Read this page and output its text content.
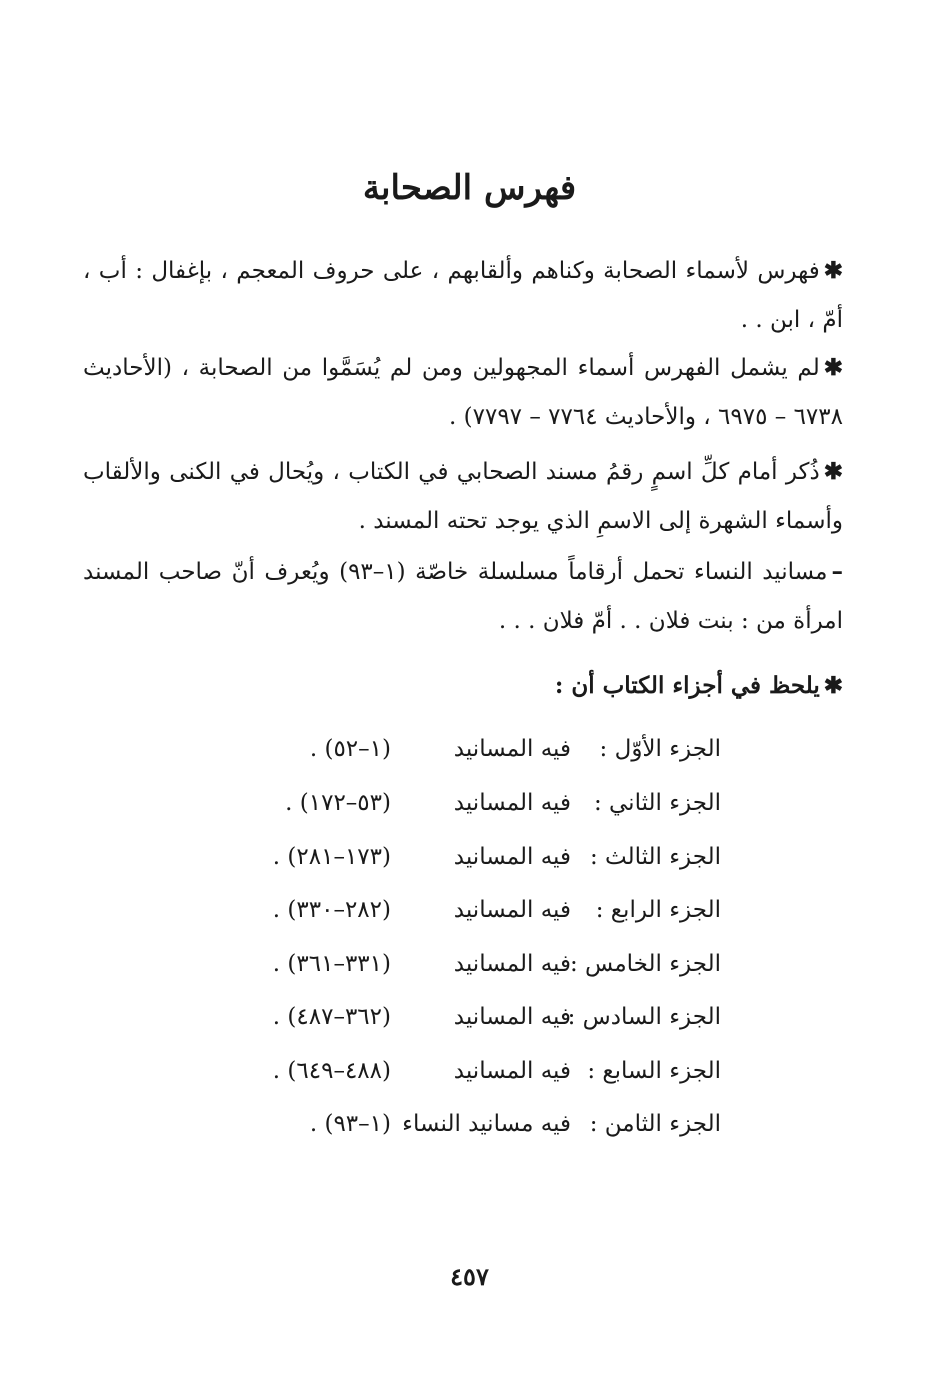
فهرس الصحابة
✱فهرس لأسماء الصحابة وكناهم وألقابهم ، على حروف المعجم ، بإغفال : أب ، أمّ ، ابن . .
✱لم يشمل الفهرس أسماء المجهولين ومن لم يُسَمَّوا من الصحابة ، (الأحاديث ٦٧٣٨ – ٦٩٧٥ ، والأحاديث ٧٧٦٤ – ٧٧٩٧) .
✱ذُكر أمام كلِّ اسمٍ رقمُ مسند الصحابي في الكتاب ، ويُحال في الكنى والألقاب وأسماء الشهرة إلى الاسمِ الذي يوجد تحته المسند .
–مسانيد النساء تحمل أرقاماً مسلسلة خاصّة (١–٩٣) ويُعرف أنّ صاحب المسند امرأة من : بنت فلان . . أمّ فلان . . .
✱يلحظ في أجزاء الكتاب أن :
الجزء الأوّل :
فيه المسانيد
(١–٥٢) .
الجزء الثاني :
فيه المسانيد
(٥٣–١٧٢) .
الجزء الثالث :
فيه المسانيد
(١٧٣–٢٨١) .
الجزء الرابع :
فيه المسانيد
(٢٨٢–٣٣٠) .
الجزء الخامس :
فيه المسانيد
(٣٣١–٣٦١) .
الجزء السادس :
فيه المسانيد
(٣٦٢–٤٨٧) .
الجزء السابع :
فيه المسانيد
(٤٨٨–٦٤٩) .
الجزء الثامن :
فيه مسانيد النساء
(١–٩٣) .
٤٥٧
